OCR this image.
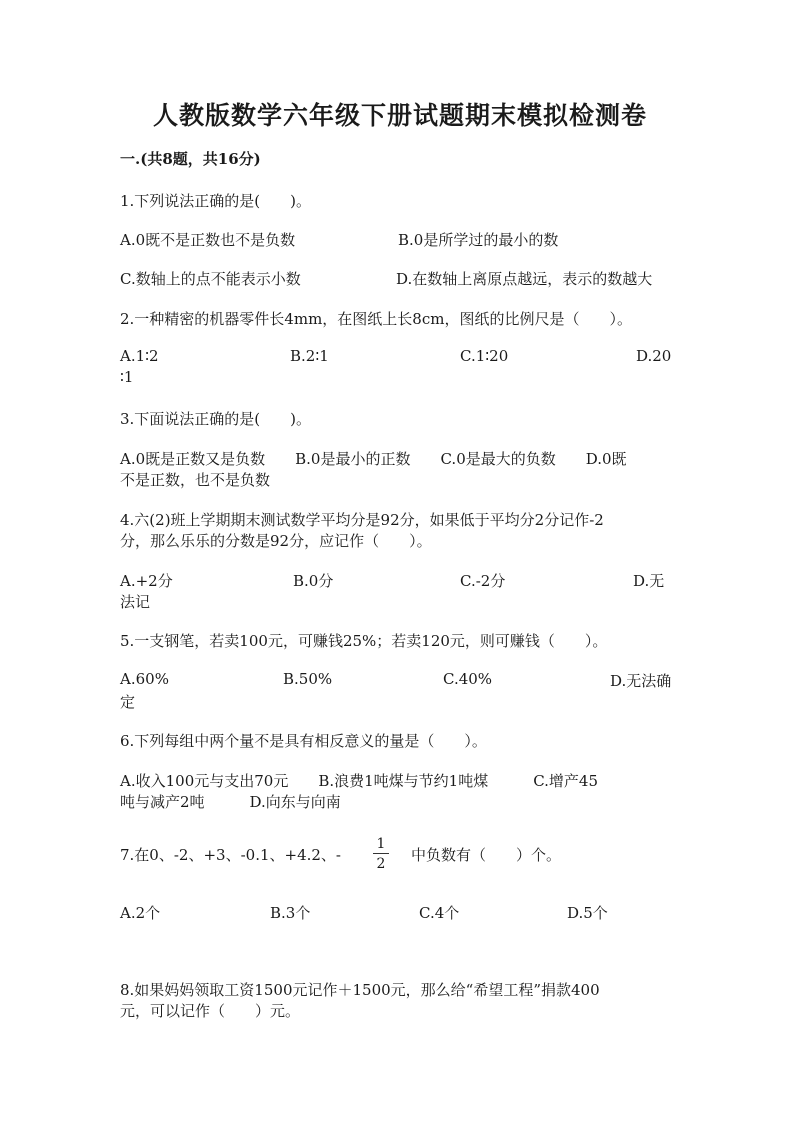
人教版数学六年级下册试题期末模拟检测卷
一.(共8题，共16分)
1.下列说法正确的是(　　)。
A.0既不是正数也不是负数	B.0是所学过的最小的数
C.数轴上的点不能表示小数	D.在数轴上离原点越远，表示的数越大
2.一种精密的机器零件长4mm，在图纸上长8cm，图纸的比例尺是（　　）。
A.1∶2	B.2∶1	C.1∶20	D.20
∶1
3.下面说法正确的是(　　)。
A.0既是正数又是负数　　B.0是最小的正数　　C.0是最大的负数　　D.0既
不是正数，也不是负数
4.六(2)班上学期期末测试数学平均分是92分，如果低于平均分2分记作-2
分，那么乐乐的分数是92分，应记作（　　）。
A.+2分	B.0分	C.-2分	D.无
法记
5.一支钢笔，若卖100元，可赚钱25%；若卖120元，则可赚钱（　　）。
A.60%	B.50%	C.40%	D.无法确
定
6.下列每组中两个量不是具有相反意义的量是（　　）。
A.收入100元与支出70元　　B.浪费1吨煤与节约1吨煤　　　C.增产45
吨与减产2吨　　　D.向东与向南
7.在0、-2、+3、-0.1、+4.2、-
1
2 中负数有（　　）个。
A.2个	B.3个	C.4个	D.5个
8.如果妈妈领取工资1500元记作＋1500元，那么给“希望工程”捐款400
元，可以记作（　　）元。
